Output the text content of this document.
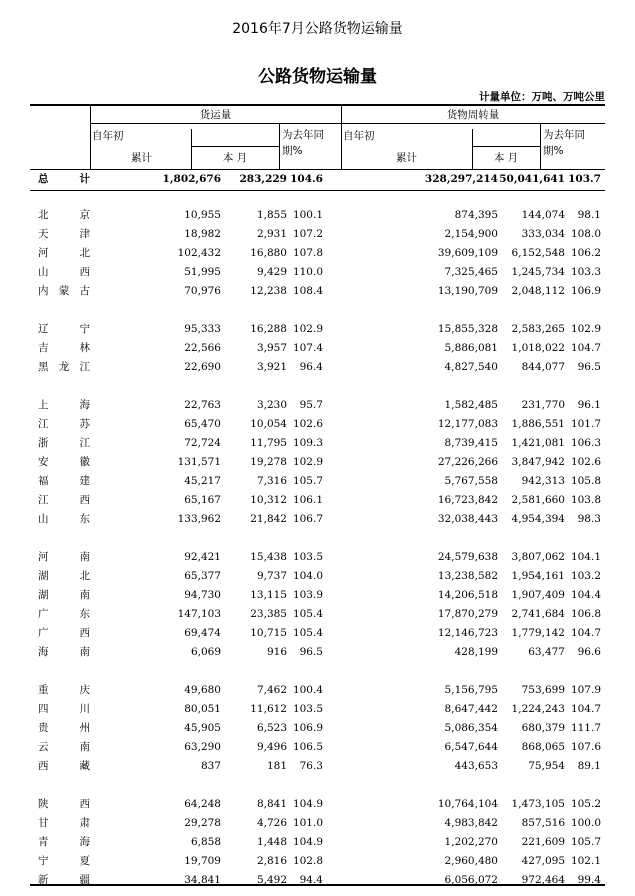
2016年7月公路货物运输量
公路货物运输量
计量单位：万吨、万吨公里
货运量	货物周转量
自年初
累计	本 月
为去年同期%
自年初
累计	本 月
为去年同期%
总 计	1,802,676 283,229 104.6	328,297,214 50,041,641 103.7
北京	10,955	1,855 100.1	874,395 144,074 98.1
天津	18,982	2,931 107.2	2,154,900 333,034 108.0
河北	102,432	16,880 107.8	39,609,109 6,152,548 106.2
山西	51,995	9,429 110.0	7,325,465 1,245,734 103.3
内蒙古	70,976	12,238 108.4	13,190,709 2,048,112 106.9
辽宁	95,333	16,288 102.9	15,855,328 2,583,265 102.9
吉林	22,566	3,957 107.4	5,886,081 1,018,022 104.7
黑龙江	22,690	3,921 96.4	4,827,540 844,077 96.5
上海	22,763	3,230 95.7	1,582,485 231,770 96.1
江苏	65,470	10,054 102.6	12,177,083 1,886,551 101.7
浙江	72,724	11,795 109.3	8,739,415 1,421,081 106.3
安徽	131,571	19,278 102.9	27,226,266 3,847,942 102.6
福建	45,217	7,316 105.7	5,767,558 942,313 105.8
江西	65,167	10,312 106.1	16,723,842 2,581,660 103.8
山东	133,962	21,842 106.7	32,038,443 4,954,394 98.3
河南	92,421	15,438 103.5	24,579,638 3,807,062 104.1
湖北	65,377	9,737 104.0	13,238,582 1,954,161 103.2
湖南	94,730	13,115 103.9	14,206,518 1,907,409 104.4
广东	147,103	23,385 105.4	17,870,279 2,741,684 106.8
广西	69,474	10,715 105.4	12,146,723 1,779,142 104.7
海南	6,069	916 96.5	428,199	63,477 96.6
重庆	49,680	7,462 100.4	5,156,795 753,699 107.9
四川	80,051	11,612 103.5	8,647,442 1,224,243 104.7
贵州	45,905	6,523 106.9	5,086,354 680,379 111.7
云南	63,290	9,496 106.5	6,547,644 868,065 107.6
西藏	837	181 76.3	443,653	75,954 89.1
陕西	64,248	8,841 104.9	10,764,104 1,473,105 105.2
甘肃	29,278	4,726 101.0	4,983,842 857,516 100.0
青海	6,858	1,448 104.9	1,202,270 221,609 105.7
宁夏	19,709	2,816 102.8	2,960,480 427,095 102.1
新疆	34,841	5,492 94.4	6,056,072 972,464 99.4
